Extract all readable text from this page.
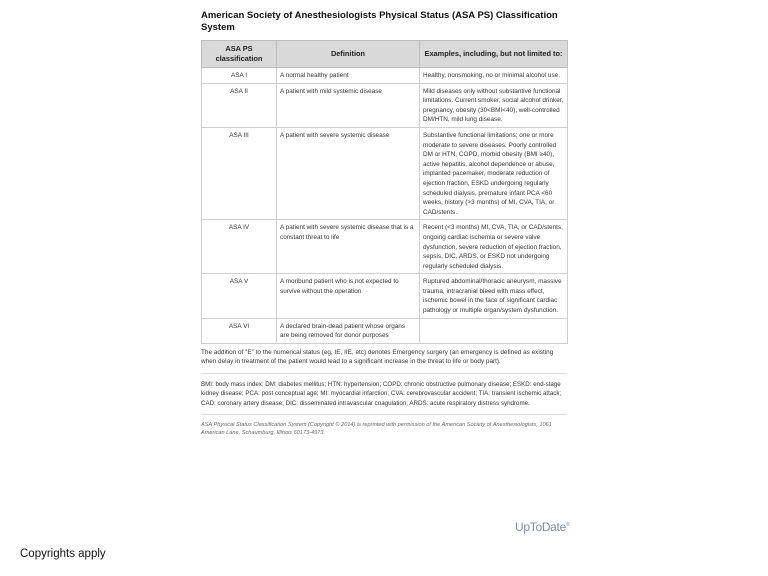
American Society of Anesthesiologists Physical Status (ASA PS) Classification System
ASA PS classification	Definition	Examples, including, but not limited to:
ASA I	A normal healthy patient	Healthy, nonsmoking, no or minimal alcohol use.
ASA II	A patient with mild systemic disease	Mild diseases only without substantive functional limitations. Current smoker, social alcohol drinker, pregnancy, obesity (30<BMI<40), well-controlled DM/HTN, mild lung disease.
ASA III	A patient with severe systemic disease	Substantive functional limitations; one or more moderate to severe diseases. Poorly controlled DM or HTN, COPD, morbid obesity (BMI ≥40), active hepatitis, alcohol dependence or abuse, implanted pacemaker, moderate reduction of ejection fraction, ESKD undergoing regularly scheduled dialysis, premature infant PCA <60 weeks, history (>3 months) of MI, CVA, TIA, or CAD/stents.
ASA IV	A patient with severe systemic disease that is a constant threat to life	Recent (<3 months) MI, CVA, TIA, or CAD/stents, ongoing cardiac ischemia or severe valve dysfunction, severe reduction of ejection fraction, sepsis, DIC, ARDS, or ESKD not undergoing regularly scheduled dialysis.
ASA V	A moribund patient who is not expected to survive without the operation	Ruptured abdominal/thoracic aneurysm, massive trauma, intracranial bleed with mass effect, ischemic bowel in the face of significant cardiac pathology or multiple organ/system dysfunction.
ASA VI	A declared brain-dead patient whose organs are being removed for donor purposes	
The addition of "E" to the numerical status (eg, IE, IIE, etc) denotes Emergency surgery (an emergency is defined as existing when delay in treatment of the patient would lead to a significant increase in the threat to life or body part).
BMI: body mass index; DM: diabetes mellitus; HTN: hypertension; COPD: chronic obstructive pulmonary disease; ESKD: end-stage kidney disease; PCA: post conceptual age; MI: myocardial infarction; CVA: cerebrovascular accident; TIA: transient ischemic attack; CAD: coronary artery disease; DIC: disseminated intravascular coagulation; ARDS: acute respiratory distress syndrome.
ASA Physical Status Classification System (Copyright © 2014) is reprinted with permission of the American Society of Anesthesiologists, 1061 American Lane, Schaumburg, Illinois 60173-4973.
UpToDate®
Copyrights apply
